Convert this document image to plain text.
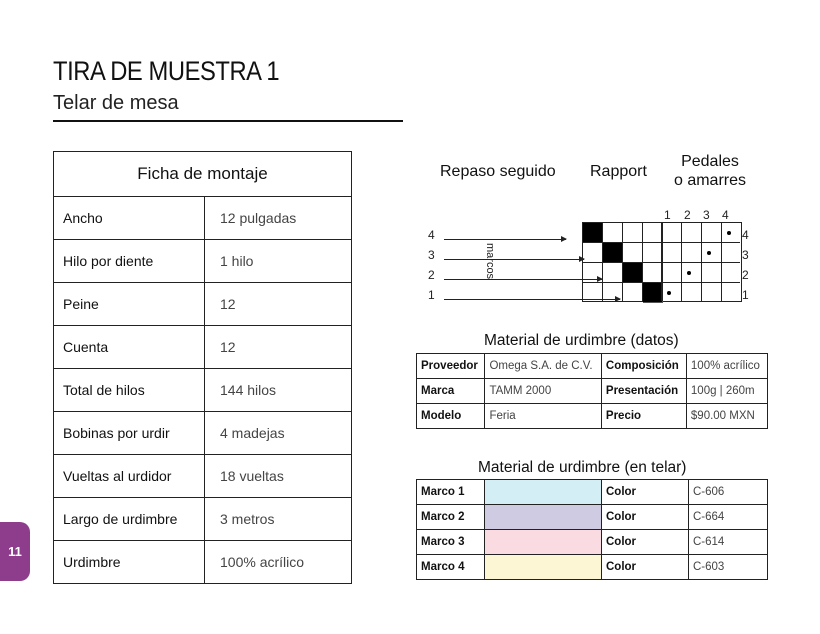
TIRA DE MUESTRA 1
Telar de mesa
11
Ficha de montaje	
Ancho	12 pulgadas
Hilo por diente	1 hilo
Peine	12
Cuenta	12
Total de hilos	144 hilos
Bobinas por urdir	4 madejas
Vueltas al urdidor	18 vueltas
Largo de urdimbre	3 metros
Urdimbre	100% acrílico
Repaso seguido Rapport
Pedales
o amarres
1 2 3 4
4
3
2
1
marcos
4
3
2
1
Material de urdimbre (datos)
Proveedor	Omega S.A. de C.V.	Composición	100% acrílico
Marca	TAMM 2000	Presentación	100g | 260m
Modelo	Feria	Precio	$90.00 MXN
Material de urdimbre (en telar)
Marco 1		Color	C-606
Marco 2		Color	C-664
Marco 3		Color	C-614
Marco 4		Color	C-603
